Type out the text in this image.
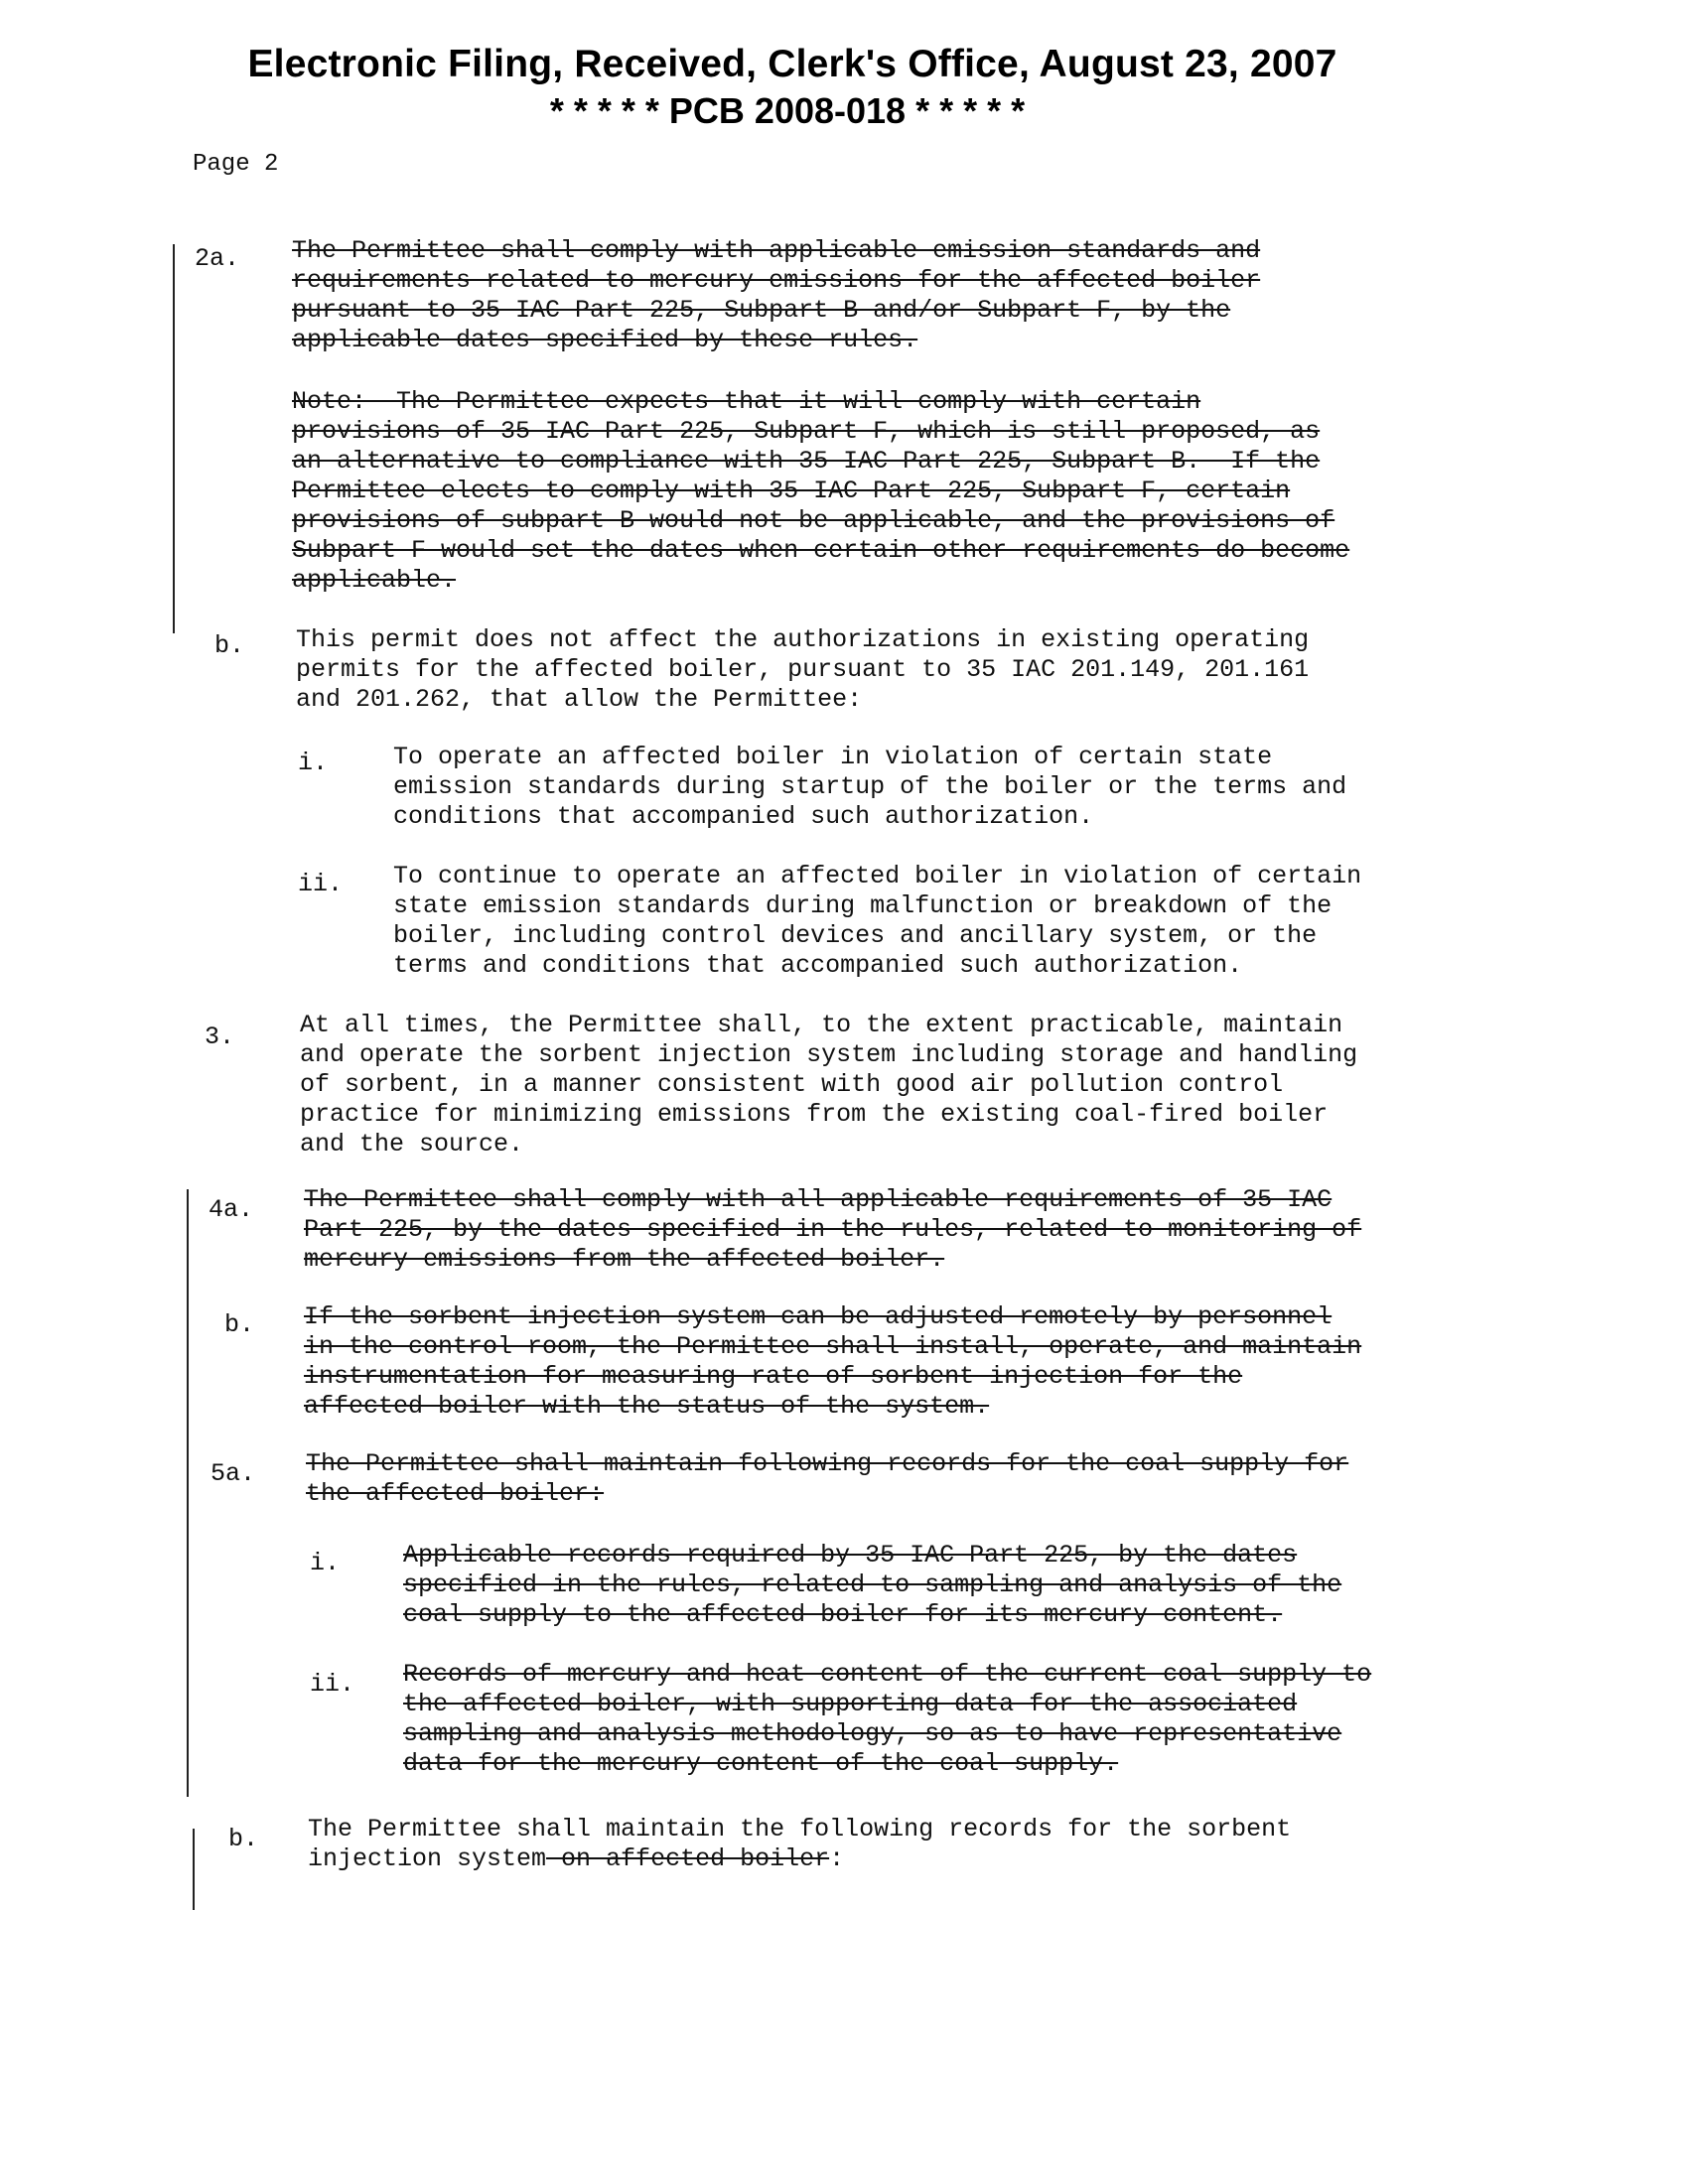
Electronic Filing, Received, Clerk's Office, August 23, 2007
* * * * * PCB 2008-018 * * * * *
Page 2
2a. The Permittee shall comply with applicable emission standards and
requirements related to mercury emissions for the affected boiler
pursuant to 35 IAC Part 225, Subpart B and/or Subpart F, by the
applicable dates specified by these rules.
Note:  The Permittee expects that it will comply with certain
provisions of 35 IAC Part 225, Subpart F, which is still proposed, as
an alternative to compliance with 35 IAC Part 225, Subpart B.  If the
Permittee elects to comply with 35 IAC Part 225, Subpart F, certain
provisions of subpart B would not be applicable, and the provisions of
Subpart F would set the dates when certain other requirements do become
applicable.
b. This permit does not affect the authorizations in existing operating
permits for the affected boiler, pursuant to 35 IAC 201.149, 201.161
and 201.262, that allow the Permittee:
i.	To operate an affected boiler in violation of certain state
emission standards during startup of the boiler or the terms and
conditions that accompanied such authorization.
ii. To continue to operate an affected boiler in violation of certain
state emission standards during malfunction or breakdown of the
boiler, including control devices and ancillary system, or the
terms and conditions that accompanied such authorization.
3.	At all times, the Permittee shall, to the extent practicable, maintain
and operate the sorbent injection system including storage and handling
of sorbent, in a manner consistent with good air pollution control
practice for minimizing emissions from the existing coal-fired boiler
and the source.
4a. The Permittee shall comply with all applicable requirements of 35 IAC
Part 225, by the dates specified in the rules, related to monitoring of
mercury emissions from the affected boiler.
b. If the sorbent injection system can be adjusted remotely by personnel
in the control room, the Permittee shall install, operate, and maintain
instrumentation for measuring rate of sorbent injection for the
affected boiler with the status of the system.
5a. The Permittee shall maintain following records for the coal supply for
the affected boiler:
i.	Applicable records required by 35 IAC Part 225, by the dates
specified in the rules, related to sampling and analysis of the
coal supply to the affected boiler for its mercury content.
ii. Records of mercury and heat content of the current coal supply to
the affected boiler, with supporting data for the associated
sampling and analysis methodology, so as to have representative
data for the mercury content of the coal supply.
b. The Permittee shall maintain the following records for the sorbent
injection system on affected boiler:
